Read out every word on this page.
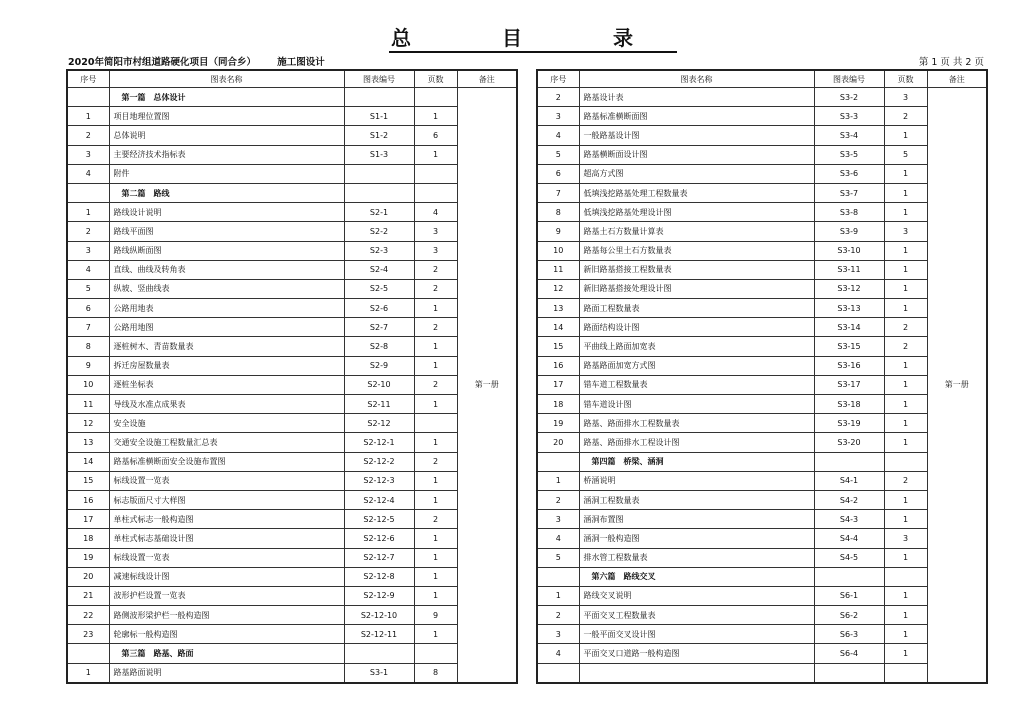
总 目 录
2020年简阳市村组道路硬化项目（同合乡） 施工图设计	第 1 页 共 2 页
序号	图表名称	图表编号	页数	备注
	第一篇　总体设计			第一册
1	项目地理位置图	S1-1	1	
2	总体说明	S1-2	6	
3	主要经济技术指标表	S1-3	1	
4	附件			
	第二篇　路线			
1	路线设计说明	S2-1	4	
2	路线平面图	S2-2	3	
3	路线纵断面图	S2-3	3	
4	直线、曲线及转角表	S2-4	2	
5	纵坡、竖曲线表	S2-5	2	
6	公路用地表	S2-6	1	
7	公路用地图	S2-7	2	
8	逐桩树木、青苗数量表	S2-8	1	
9	拆迁房屋数量表	S2-9	1	
10	逐桩坐标表	S2-10	2	
11	导线及水准点成果表	S2-11	1	
12	安全设施	S2-12		
13	交通安全设施工程数量汇总表	S2-12-1	1	
14	路基标准横断面安全设施布置图	S2-12-2	2	
15	标线设置一览表	S2-12-3	1	
16	标志版面尺寸大样图	S2-12-4	1	
17	单柱式标志一般构造图	S2-12-5	2	
18	单柱式标志基础设计图	S2-12-6	1	
19	标线设置一览表	S2-12-7	1	
20	减速标线设计图	S2-12-8	1	
21	波形护栏设置一览表	S2-12-9	1	
22	路侧波形梁护栏一般构造图	S2-12-10	9	
23	轮廓标一般构造图	S2-12-11	1	
	第三篇　路基、路面			
1	路基路面说明	S3-1	8	
序号	图表名称	图表编号	页数	备注
2	路基设计表	S3-2	3	第一册
3	路基标准横断面图	S3-3	2	
4	一般路基设计图	S3-4	1	
5	路基横断面设计图	S3-5	5	
6	超高方式图	S3-6	1	
7	低填浅挖路基处理工程数量表	S3-7	1	
8	低填浅挖路基处理设计图	S3-8	1	
9	路基土石方数量计算表	S3-9	3	
10	路基每公里土石方数量表	S3-10	1	
11	新旧路基搭接工程数量表	S3-11	1	
12	新旧路基搭接处理设计图	S3-12	1	
13	路面工程数量表	S3-13	1	
14	路面结构设计图	S3-14	2	
15	平曲线上路面加宽表	S3-15	2	
16	路基路面加宽方式图	S3-16	1	
17	错车道工程数量表	S3-17	1	
18	错车道设计图	S3-18	1	
19	路基、路面排水工程数量表	S3-19	1	
20	路基、路面排水工程设计图	S3-20	1	
	第四篇　桥梁、涵洞			
1	桥涵说明	S4-1	2	
2	涵洞工程数量表	S4-2	1	
3	涵洞布置图	S4-3	1	
4	涵洞一般构造图	S4-4	3	
5	排水管工程数量表	S4-5	1	
	第六篇　路线交叉			
1	路线交叉说明	S6-1	1	
2	平面交叉工程数量表	S6-2	1	
3	一般平面交叉设计图	S6-3	1	
4	平面交叉口道路一般构造图	S6-4	1	
